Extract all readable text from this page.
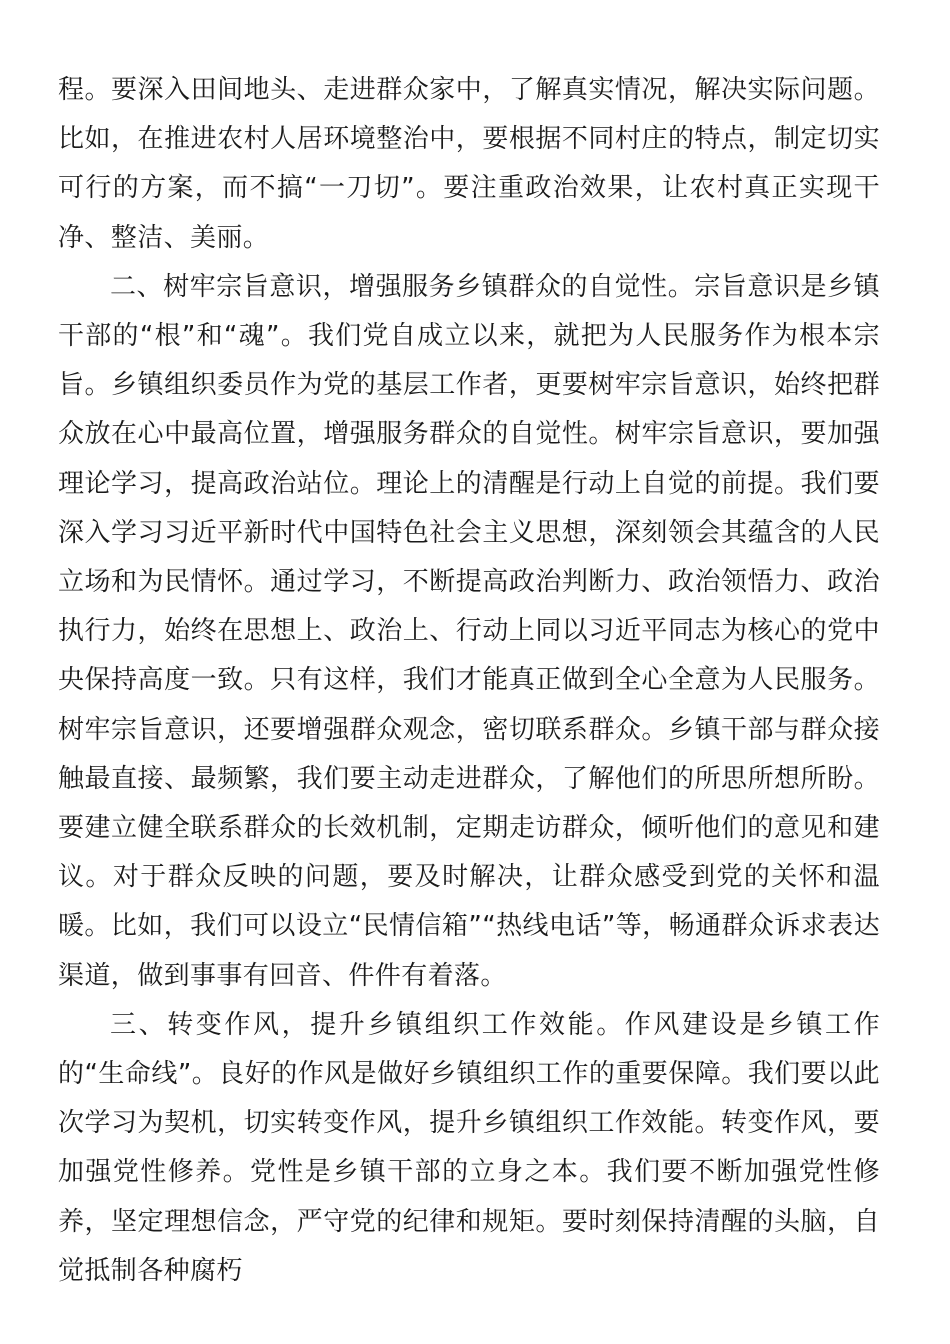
程。要深入田间地头、走进群众家中，了解真实情况，解决实际问题。比如，在推进农村人居环境整治中，要根据不同村庄的特点，制定切实可行的方案，而不搞“一刀切”。要注重政治效果，让农村真正实现干净、整洁、美丽。

二、树牢宗旨意识，增强服务乡镇群众的自觉性。宗旨意识是乡镇干部的“根”和“魂”。我们党自成立以来，就把为人民服务作为根本宗旨。乡镇组织委员作为党的基层工作者，更要树牢宗旨意识，始终把群众放在心中最高位置，增强服务群众的自觉性。树牢宗旨意识，要加强理论学习，提高政治站位。理论上的清醒是行动上自觉的前提。我们要深入学习习近平新时代中国特色社会主义思想，深刻领会其蕴含的人民立场和为民情怀。通过学习，不断提高政治判断力、政治领悟力、政治执行力，始终在思想上、政治上、行动上同以习近平同志为核心的党中央保持高度一致。只有这样，我们才能真正做到全心全意为人民服务。树牢宗旨意识，还要增强群众观念，密切联系群众。乡镇干部与群众接触最直接、最频繁，我们要主动走进群众，了解他们的所思所想所盼。要建立健全联系群众的长效机制，定期走访群众，倾听他们的意见和建议。对于群众反映的问题，要及时解决，让群众感受到党的关怀和温暖。比如，我们可以设立“民情信箱”“热线电话”等，畅通群众诉求表达渠道，做到事事有回音、件件有着落。

三、转变作风，提升乡镇组织工作效能。作风建设是乡镇工作的“生命线”。良好的作风是做好乡镇组织工作的重要保障。我们要以此次学习为契机，切实转变作风，提升乡镇组织工作效能。转变作风，要加强党性修养。党性是乡镇干部的立身之本。我们要不断加强党性修养，坚定理想信念，严守党的纪律和规矩。要时刻保持清醒的头脑，自觉抵制各种腐朽
